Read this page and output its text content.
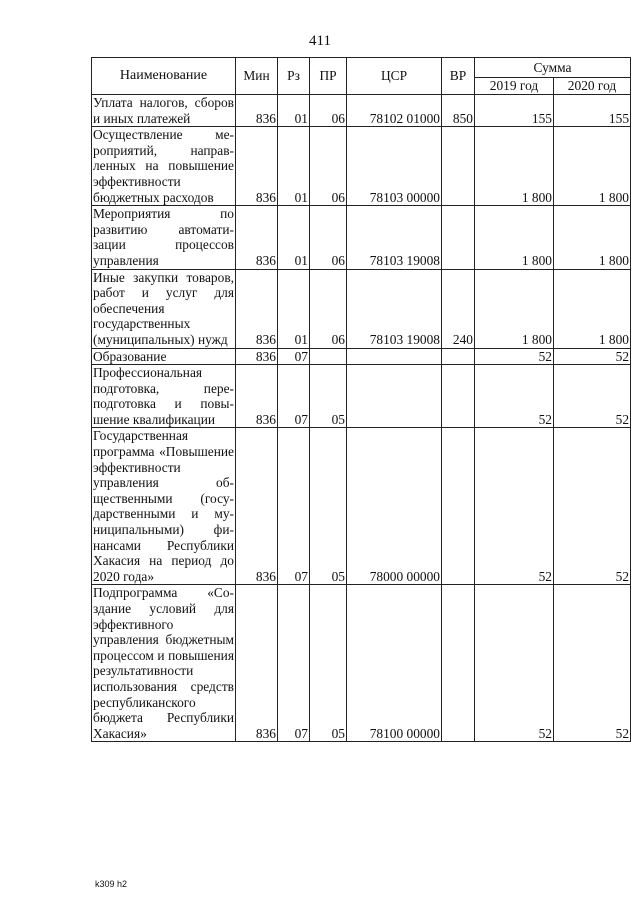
411
Наименование	Мин	Рз	ПР	ЦСР	ВР	Сумма	
						2019 год	2020 год
Уплата налогов, сборов и иных платежей	836	01	06	78102 01000	850	155	155
Осуществление мероприятий, направленных на повышение эффективности бюджетных расходов	836	01	06	78103 00000		1 800	1 800
Мероприятия по развитию автоматизации процессов управления	836	01	06	78103 19008		1 800	1 800
Иные закупки товаров, работ и услуг для обеспечения государственных (муниципальных) нужд	836	01	06	78103 19008	240	1 800	1 800
Образование	836	07				52	52
Профессиональная подготовка, переподготовка и повышение квалификации	836	07	05			52	52
Государственная программа «Повышение эффективности управления общественными (государственными и муниципальными) финансами Республики Хакасия на период до 2020 года»	836	07	05	78000 00000		52	52
Подпрограмма «Создание условий для эффективного управления бюджетным процессом и повышения результативности использования средств республиканского бюджета Республики Хакасия»	836	07	05	78100 00000		52	52
k309 h2
